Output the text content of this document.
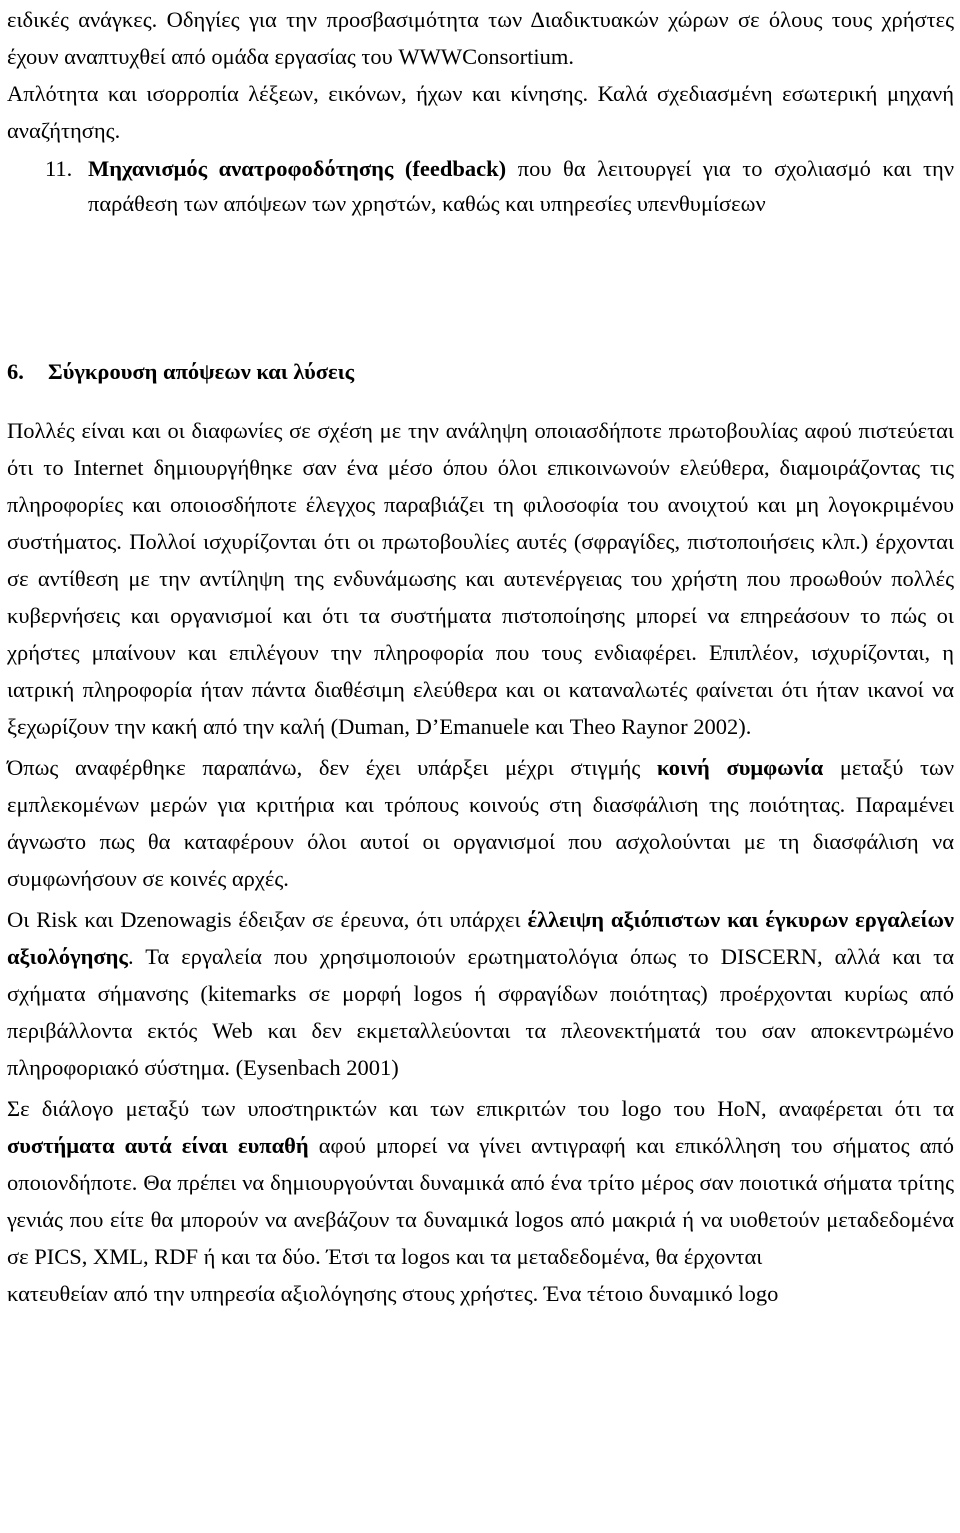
ειδικές ανάγκες. Οδηγίες για την προσβασιμότητα των Διαδικτυακών χώρων σε όλους τους χρήστες έχουν αναπτυχθεί από ομάδα εργασίας του WWWConsortium.
Απλότητα και ισορροπία λέξεων, εικόνων, ήχων και κίνησης. Καλά σχεδιασμένη εσωτερική μηχανή αναζήτησης.

11. Μηχανισμός ανατροφοδότησης (feedback) που θα λειτουργεί για το σχολιασμό και την παράθεση των απόψεων των χρηστών, καθώς και υπηρεσίες υπενθυμίσεων

6. Σύγκρουση απόψεων και λύσεις

Πολλές είναι και οι διαφωνίες σε σχέση με την ανάληψη οποιασδήποτε πρωτοβουλίας αφού πιστεύεται ότι το Internet δημιουργήθηκε σαν ένα μέσο όπου όλοι επικοινωνούν ελεύθερα, διαμοιράζοντας τις πληροφορίες και οποιοσδήποτε έλεγχος παραβιάζει τη φιλοσοφία του ανοιχτού και μη λογοκριμένου συστήματος. Πολλοί ισχυρίζονται ότι οι πρωτοβουλίες αυτές (σφραγίδες, πιστοποιήσεις κλπ.) έρχονται σε αντίθεση με την αντίληψη της ενδυνάμωσης και αυτενέργειας του χρήστη που προωθούν πολλές κυβερνήσεις και οργανισμοί και ότι τα συστήματα πιστοποίησης μπορεί να επηρεάσουν το πώς οι χρήστες μπαίνουν και επιλέγουν την πληροφορία που τους ενδιαφέρει. Επιπλέον, ισχυρίζονται, η ιατρική πληροφορία ήταν πάντα διαθέσιμη ελεύθερα και οι καταναλωτές φαίνεται ότι ήταν ικανοί να ξεχωρίζουν την κακή από την καλή (Duman, D’Emanuele και Theo Raynor 2002).

Όπως αναφέρθηκε παραπάνω, δεν έχει υπάρξει μέχρι στιγμής κοινή συμφωνία μεταξύ των εμπλεκομένων μερών για κριτήρια και τρόπους κοινούς στη διασφάλιση της ποιότητας. Παραμένει άγνωστο πως θα καταφέρουν όλοι αυτοί οι οργανισμοί που ασχολούνται με τη διασφάλιση να συμφωνήσουν σε κοινές αρχές.

Οι Risk και Dzenowagis έδειξαν σε έρευνα, ότι υπάρχει έλλειψη αξιόπιστων και έγκυρων εργαλείων αξιολόγησης. Τα εργαλεία που χρησιμοποιούν ερωτηματολόγια όπως το DISCERN, αλλά και τα σχήματα σήμανσης (kitemarks σε μορφή logos ή σφραγίδων ποιότητας) προέρχονται κυρίως από περιβάλλοντα εκτός Web και δεν εκμεταλλεύονται τα πλεονεκτήματά του σαν αποκεντρωμένο πληροφοριακό σύστημα. (Eysenbach 2001)

Σε διάλογο μεταξύ των υποστηρικτών και των επικριτών του logo του HoN, αναφέρεται ότι τα συστήματα αυτά είναι ευπαθή αφού μπορεί να γίνει αντιγραφή και επικόλληση του σήματος από οποιονδήποτε. Θα πρέπει να δημιουργούνται δυναμικά από ένα τρίτο μέρος σαν ποιοτικά σήματα τρίτης γενιάς που είτε θα μπορούν να ανεβάζουν τα δυναμικά logos από μακριά ή να υιοθετούν μεταδεδομένα σε PICS, XML, RDF ή και τα δύο. Έτσι τα logos και τα μεταδεδομένα, θα έρχονται
κατευθείαν από την υπηρεσία αξιολόγησης στους χρήστες. Ένα τέτοιο δυναμικό logo
